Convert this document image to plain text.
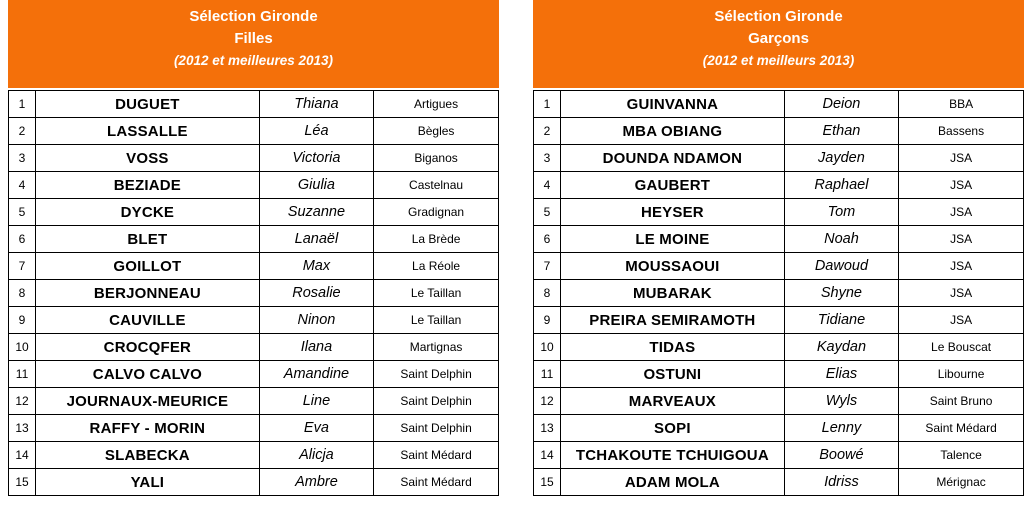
Sélection Gironde
Filles
(2012 et meilleures 2013)
1	DUGUET	Thiana	Artigues
2	LASSALLE	Léa	Bègles
3	VOSS	Victoria	Biganos
4	BEZIADE	Giulia	Castelnau
5	DYCKE	Suzanne	Gradignan
6	BLET	Lanaël	La Brède
7	GOILLOT	Max	La Réole
8	BERJONNEAU	Rosalie	Le Taillan
9	CAUVILLE	Ninon	Le Taillan
10	CROCQFER	Ilana	Martignas
11	CALVO CALVO	Amandine	Saint Delphin
12	JOURNAUX-MEURICE	Line	Saint Delphin
13	RAFFY - MORIN	Eva	Saint Delphin
14	SLABECKA	Alicja	Saint Médard
15	YALI	Ambre	Saint Médard
Sélection Gironde
Garçons
(2012 et meilleurs 2013)
1	GUINVANNA	Deion	BBA
2	MBA OBIANG	Ethan	Bassens
3	DOUNDA NDAMON	Jayden	JSA
4	GAUBERT	Raphael	JSA
5	HEYSER	Tom	JSA
6	LE MOINE	Noah	JSA
7	MOUSSAOUI	Dawoud	JSA
8	MUBARAK	Shyne	JSA
9	PREIRA SEMIRAMOTH	Tidiane	JSA
10	TIDAS	Kaydan	Le Bouscat
11	OSTUNI	Elias	Libourne
12	MARVEAUX	Wyls	Saint Bruno
13	SOPI	Lenny	Saint Médard
14	TCHAKOUTE TCHUIGOUA	Boowé	Talence
15	ADAM MOLA	Idriss	Mérignac
